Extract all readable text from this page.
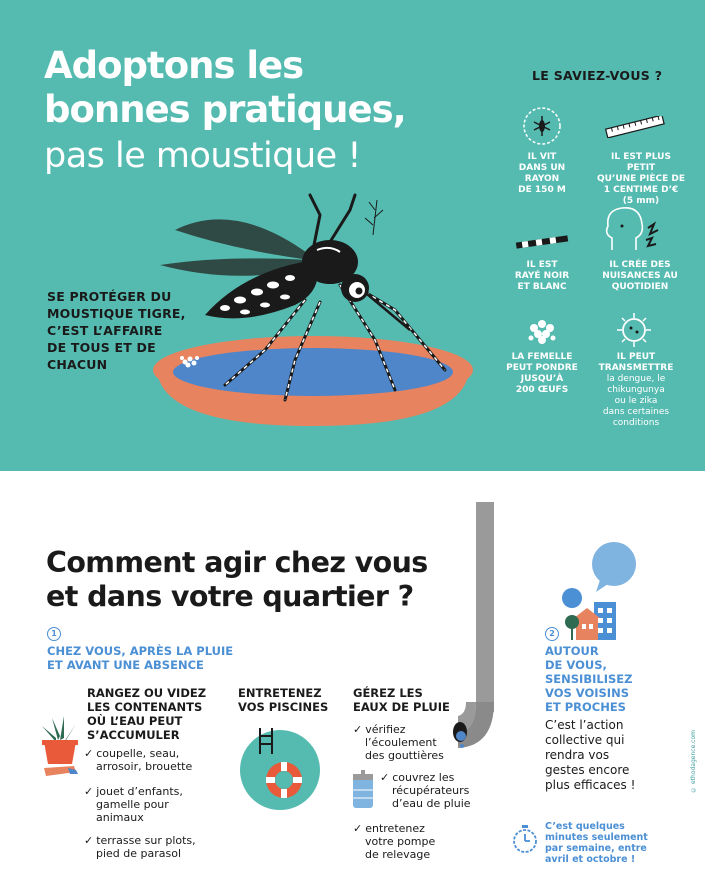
Adoptons les
bonnes pratiques,
pas le moustique !
SE PROTÉGER DU
MOUSTIQUE TIGRE,
C’EST L’AFFAIRE
DE TOUS ET DE
CHACUN
LE SAVIEZ-VOUS ?
IL VIT
DANS UN
RAYON
DE 150 M
IL EST PLUS PETIT
QU’UNE PIÈCE DE
1 CENTIME D’€
(5 mm)
IL EST
RAYÉ NOIR
ET BLANC
IL CRÉE DES
NUISANCES AU
QUOTIDIEN
LA FEMELLE
PEUT PONDRE
JUSQU’À
200 ŒUFS
IL PEUT
TRANSMETTRE
la dengue, le
chikungunya
ou le zika
dans certaines
conditions
Comment agir chez vous
et dans votre quartier ?
1
CHEZ VOUS, APRÈS LA PLUIE
ET AVANT UNE ABSENCE
RANGEZ OU VIDEZ
LES CONTENANTS
OÙ L’EAU PEUT
S’ACCUMULER
✓ coupelle, seau,
arrosoir, brouette
✓ jouet d’enfants,
gamelle pour
animaux
✓ terrasse sur plots,
pied de parasol
ENTRETENEZ
VOS PISCINES
GÉREZ LES
EAUX DE PLUIE
✓ vérifiez
l’écoulement
des gouttières
✓ couvrez les
récupérateurs
d’eau de pluie
✓ entretenez
votre pompe
de relevage
2
AUTOUR
DE VOUS,
SENSIBILISEZ
VOS VOISINS
ET PROCHES
C’est l’action
collective qui
rendra vos
gestes encore
plus efficaces !
C’est quelques
minutes seulement
par semaine, entre
avril et octobre !
© ethodagence.com
